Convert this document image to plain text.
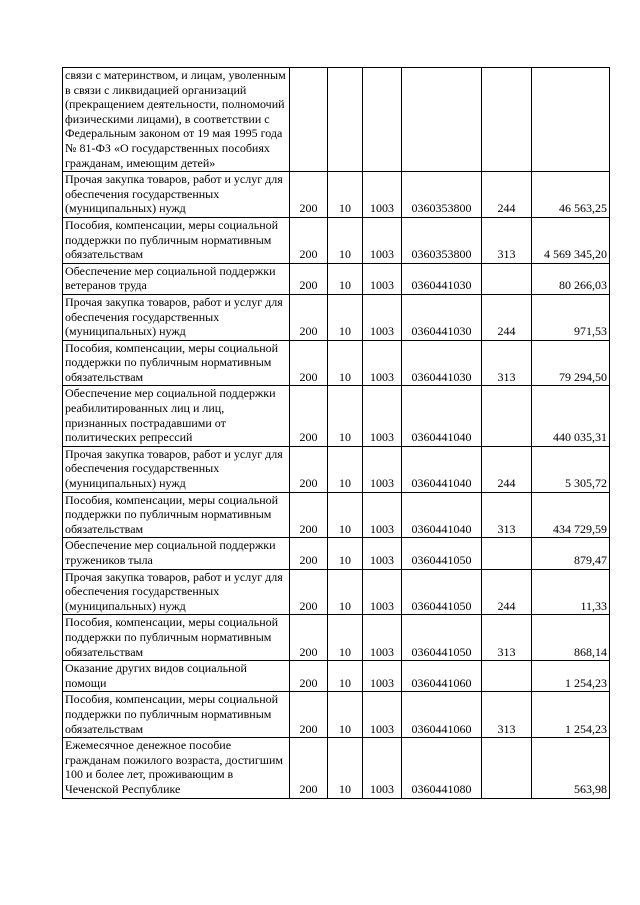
связи с материнством, и лицам, уволенным в связи с ликвидацией организаций (прекращением деятельности, полномочий физическими лицами), в соответствии с Федеральным законом от 19 мая 1995 года № 81-ФЗ «О государственных пособиях гражданам, имеющим детей»						
Прочая закупка товаров, работ и услуг для обеспечения государственных (муниципальных) нужд	200	10	1003	0360353800	244	46 563,25
Пособия, компенсации, меры социальной поддержки по публичным нормативным обязательствам	200	10	1003	0360353800	313	4 569 345,20
Обеспечение мер социальной поддержки ветеранов труда	200	10	1003	0360441030		80 266,03
Прочая закупка товаров, работ и услуг для обеспечения государственных (муниципальных) нужд	200	10	1003	0360441030	244	971,53
Пособия, компенсации, меры социальной поддержки по публичным нормативным обязательствам	200	10	1003	0360441030	313	79 294,50
Обеспечение мер социальной поддержки реабилитированных лиц и лиц, признанных пострадавшими от политических репрессий	200	10	1003	0360441040		440 035,31
Прочая закупка товаров, работ и услуг для обеспечения государственных (муниципальных) нужд	200	10	1003	0360441040	244	5 305,72
Пособия, компенсации, меры социальной поддержки по публичным нормативным обязательствам	200	10	1003	0360441040	313	434 729,59
Обеспечение мер социальной поддержки тружеников тыла	200	10	1003	0360441050		879,47
Прочая закупка товаров, работ и услуг для обеспечения государственных (муниципальных) нужд	200	10	1003	0360441050	244	11,33
Пособия, компенсации, меры социальной поддержки по публичным нормативным обязательствам	200	10	1003	0360441050	313	868,14
Оказание других видов социальной помощи	200	10	1003	0360441060		1 254,23
Пособия, компенсации, меры социальной поддержки по публичным нормативным обязательствам	200	10	1003	0360441060	313	1 254,23
Ежемесячное денежное пособие гражданам пожилого возраста, достигшим 100 и более лет, проживающим в Чеченской Республике	200	10	1003	0360441080		563,98
